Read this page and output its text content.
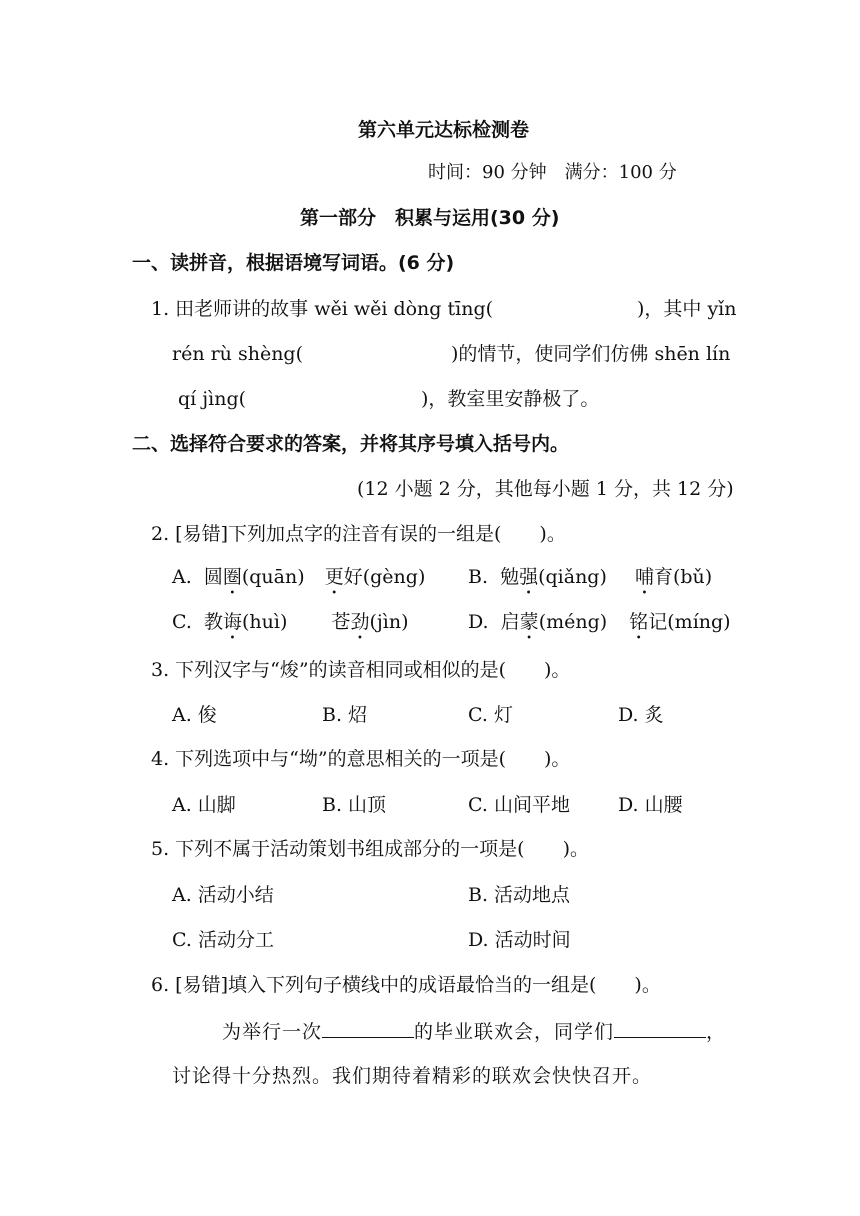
第六单元达标检测卷
时间：90 分钟　满分：100 分
第一部分　积累与运用(30 分)
一、读拼音，根据语境写词语。(6 分)
1. 田老师讲的故事 wěi wěi dòng tīng(	)，其中 yǐn
rén rù shèng(	)的情节，使同学们仿佛 shēn lín
qí jìng(	)，教室里安静极了。
二、选择符合要求的答案，并将其序号填入括号内。
(12 小题 2 分，其他每小题 1 分，共 12 分)
2. [易错]下列加点字的注音有误的一组是(　　)。
A. 圆圈(quān) 更好(gèng) B. 勉强(qiǎng) 哺育(bǔ)
C. 教诲(huì) 苍劲(jìn)	D. 启蒙(méng) 铭记(míng)
3. 下列汉字与“焌”的读音相同或相似的是(　　)。
A. 俊	B. 炤	C. 灯	D. 炙
4. 下列选项中与“坳”的意思相关的一项是(　　)。
A. 山脚	B. 山顶	C. 山间平地	D. 山腰
5. 下列不属于活动策划书组成部分的一项是(　　)。
A. 活动小结	B. 活动地点
C. 活动分工	D. 活动时间
6. [易错]填入下列句子横线中的成语最恰当的一组是(　　)。
为举行一次	的毕业联欢会，同学们	，
讨论得十分热烈。我们期待着精彩的联欢会快快召开。
